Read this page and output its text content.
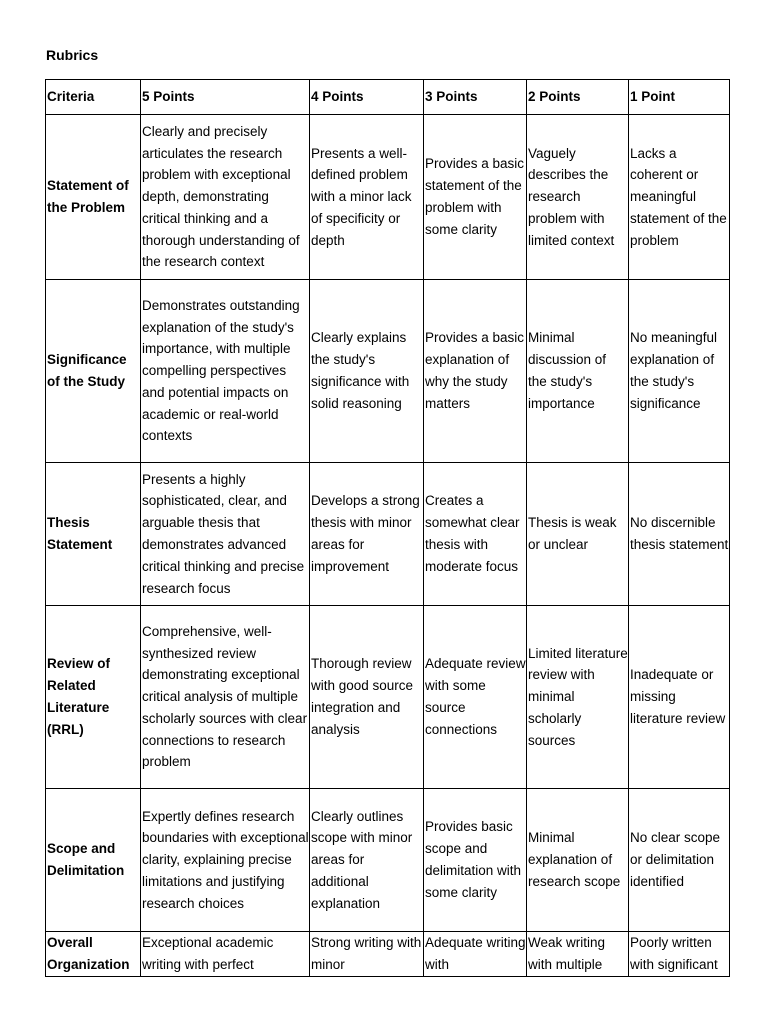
Rubrics
Criteria	5 Points	4 Points	3 Points	2 Points	1 Point
Statement of the Problem	Clearly and precisely articulates the research problem with exceptional depth, demonstrating critical thinking and a thorough understanding of the research context	Presents a well-defined problem with a minor lack of specificity or depth	Provides a basic statement of the problem with some clarity	Vaguely describes the research problem with limited context	Lacks a coherent or meaningful statement of the problem
Significance of the Study	Demonstrates outstanding explanation of the study's importance, with multiple compelling perspectives and potential impacts on academic or real-world contexts	Clearly explains the study's significance with solid reasoning	Provides a basic explanation of why the study matters	Minimal discussion of the study's importance	No meaningful explanation of the study's significance
Thesis Statement	Presents a highly sophisticated, clear, and arguable thesis that demonstrates advanced critical thinking and precise research focus	Develops a strong thesis with minor areas for improvement	Creates a somewhat clear thesis with moderate focus	Thesis is weak or unclear	No discernible thesis statement
Review of Related Literature (RRL)	Comprehensive, well-synthesized review demonstrating exceptional critical analysis of multiple scholarly sources with clear connections to research problem	Thorough review with good source integration and analysis	Adequate review with some source connections	Limited literature review with minimal scholarly sources	Inadequate or missing literature review
Scope and Delimitation	Expertly defines research boundaries with exceptional clarity, explaining precise limitations and justifying research choices	Clearly outlines scope with minor areas for additional explanation	Provides basic scope and delimitation with some clarity	Minimal explanation of research scope	No clear scope or delimitation identified
Overall Organization	Exceptional academic writing with perfect	Strong writing with minor	Adequate writing with	Weak writing with multiple	Poorly written with significant
